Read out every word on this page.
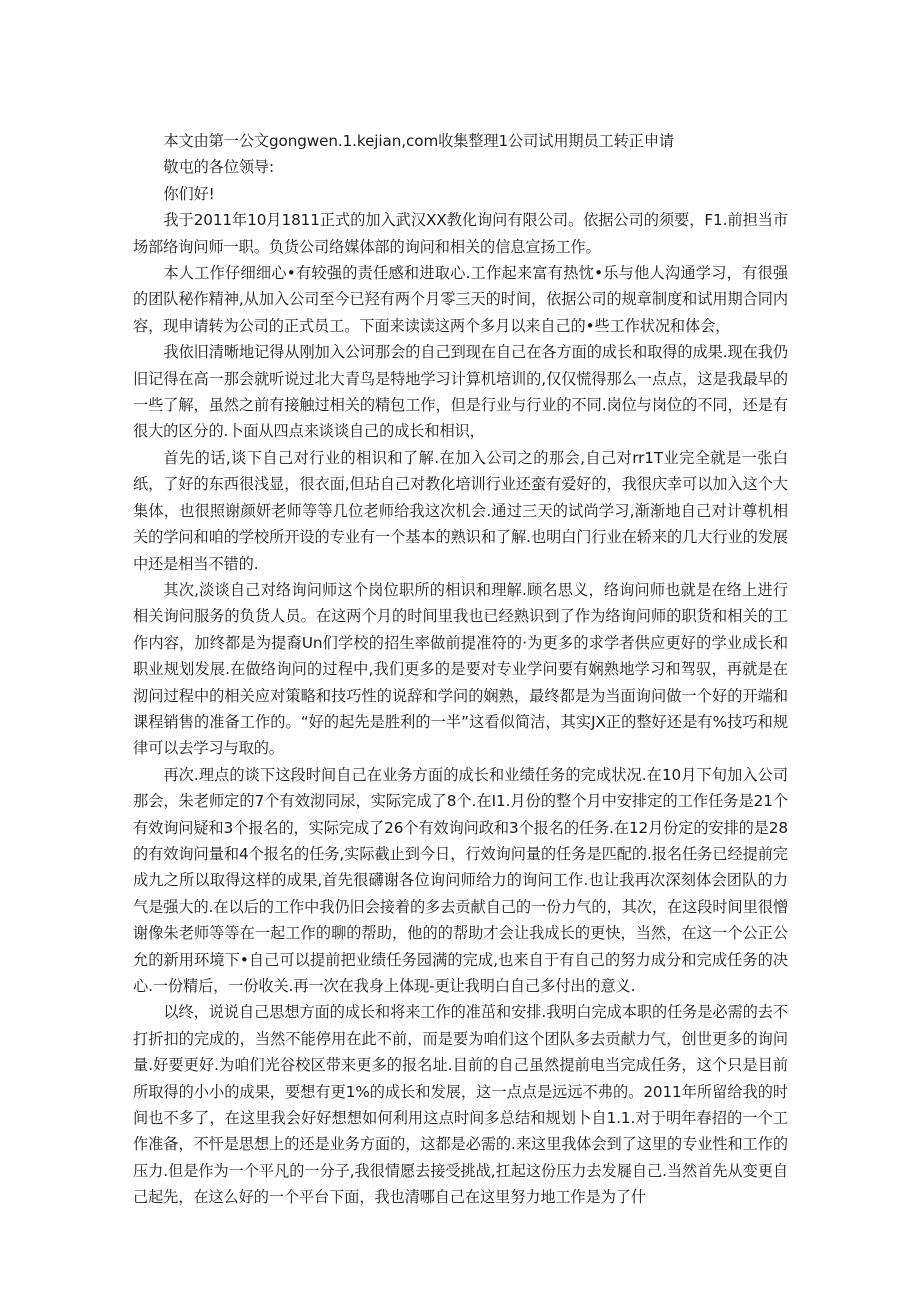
本文由第一公文gongwen.1.kejian,com收集整理1公司试用期员工转正申请

敬屯的各位领导:

你们好!

我于2011年10月1811正式的加入武汉XX教化询问有限公司。依据公司的须要，F1.前担当市场部络询问师一职。负货公司络媒体部的询问和相关的信息宣扬工作。

本人工作仔细细心•有较强的责任感和进取心.工作起来富有热忱•乐与他人沟通学习，有很强的团队秘作精神,从加入公司至今已羟有两个月零三天的时间，依据公司的规章制度和试用期合同内容，现申请转为公司的正式员工。下面来读读这两个多月以来自己的•些工作状况和体会，

我依旧清晰地记得从刚加入公诃那会的自己到现在自己在各方面的成长和取得的成果.现在我仍旧记得在高一那会就听说过北大青鸟是特地学习计算机培训的,仅仅慌得那么一点点，这是我最早的一些了解，虽然之前有接触过相关的精包工作，但是行业与行业的不同.岗位与岗位的不同，还是有很大的区分的.卜面从四点来谈谈自己的成长和相识，

首先的话,谈下自己对行业的相识和了解.在加入公司之的那会,自己对rr1T业完全就是一张白纸，了好的东西很浅显，很衣面,但玷自己对教化培训行业还蛮有爱好的，我很庆幸可以加入这个大集体，也很照谢颜妍老师等等几位老师给我这次机会.通过三天的试尚学习,渐渐地自己对计尊机相关的学问和咱的学校所开设的专业有一个基本的熟识和了解.也明白门行业在轿来的几大行业的发展中还是相当不错的.

其次,淡谈自己对络询问师这个岗位职所的相识和理解.顾名思义，络询问师也就是在络上进行相关询问服务的负货人员。在这两个月的时间里我也已经熟识到了作为络询问师的职货和相关的工作内容，加终都是为提裔Un们学校的招生率做前提准符的·为更多的求学者供应更好的学业成长和职业规划发展.在做络询问的过程中,我们更多的是要对专业学问要有娴熟地学习和驾驭，再就是在沏问过程中的相关应对策略和技巧性的说辞和学问的娴熟，最终都是为当面询问做一个好的开端和课程销售的准备工作的。“好的起先是胜利的一半”这看似简洁，其实JX正的整好还是有%技巧和规律可以去学习与取的。

再次.理点的谈下这段时间自己在业务方面的成长和业绩任务的完成状况.在10月下旬加入公司那会，朱老师定的7个有效沏同尿，实际完成了8个.在I1.月份的整个月中安排定的工作任务是21个有效询问疑和3个报名的，实际完成了26个有效询问政和3个报名的任务.在12月份定的安排的是28的有效询问量和4个报名的任务,实际截止到今日，行效询问量的任务是匹配的.报名任务已经提前完成九之所以取得这样的成果,首先很礴谢各位询问师给力的询问工作.也让我再次深刻体会团队的力气是强大的.在以后的工作中我仍旧会接着的多去贡献自己的一份力气的，其次，在这段时间里很憎谢像朱老师等等在一起工作的聊的帮助，他的的帮助才会让我成长的更快，当然，在这一个公正公允的新用环境下•自己可以提前把业绩任务园满的完成,也来自于有自己的努力成分和完成任务的决心.一份精后，一份收关.再一次在我身上体现-更让我明白自己多付出的意义.

以终，说说自己思想方面的成长和将来工作的准茁和安排.我明白完成本职的任务是必需的去不打折扣的完成的，当然不能停用在此不前，而是要为咱们这个团队多去贡献力气，创世更多的询问量.好要更好.为咱们光谷校区带来更多的报名址.目前的自己虽然提前电当完成任务，这个只是目前所取得的小小的成果，要想有更1%的成长和发展，这一点点是远远不弗的。2011年所留给我的时间也不多了，在这里我会好好想想如何利用这点时间多总结和规划卜自1.1.对于明年春招的一个工作准备，不忓是思想上的还是业务方面的，这都是必需的.来这里我体会到了这里的专业性和工作的压力.但是作为一个平凡的一分子,我很情愿去接受挑战,扛起这份压力去发屣自己.当然首先从变更自己起先，在这么好的一个平台下面，我也清哪自己在这里努力地工作是为了什
